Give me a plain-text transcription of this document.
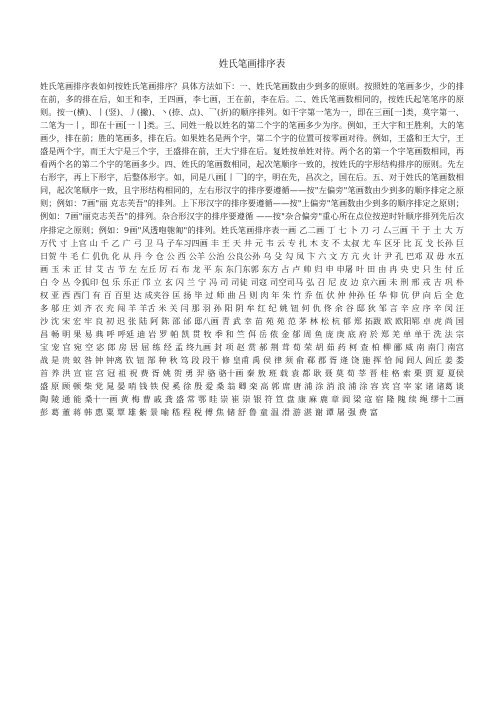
姓氏笔画排序表

姓氏笔画排序表如何按姓氏笔画排序？具体方法如下：一、姓氏笔画数由少到多的原则。按照姓的笔画多少，少的排在前，多的排在后，如王和李，王四画，李七画，王在前，李在后。二、姓氏笔画数相同的，按姓氏起笔笔序的原则。按一(横)、丨(竖)、丿(撇)、丶(捺、点)、乛(折)的顺序排列。如干字第一笔为一，即在三画[一]类，莫字第一、二笔为一丨，即在十画[一丨]类。三、同姓一般以姓名的第二个字的笔画多少为序。例如，王大宇和王胜利，大的笔画少，排在前；胜的笔画多，排在后。如果姓名是两个字，第二个字的位置可按零画对待。例如，王盛和王大宁，王盛是两个字，而王大宁是三个字，王盛排在前，王大宁排在后。复姓按单姓对待。两个名的第一个字笔画数相同，再看两个名的第二个字的笔画多少。四、姓氏的笔画数相同，起次笔顺序一致的，按姓氏的字形结构排序的原则。先左右形字，再上下形字，后整体形字。如，同是八画[丨乛]的字，明在先，昌次之，国在后。五、对于姓氏的笔画数相同，起次笔顺序一致，且字形结构相同的，左右形汉字的排序要遵循——按"左偏旁"笔画数由少到多的顺序排定之原则；例如：7画"丽 克志芙吾"的排列。上下形汉字的排序要遵循——按"上偏旁"笔画数由少到多的顺序排定之原则；例如：7画"丽克志芙吾"的排列。杂合形汉字的排序要遵循 ——按"杂合偏旁"重心所在点位按逆时针顺序排列先后次序排定之原则；例如：9画"风透咆匏匍"的排列。姓氏笔画排序表一画 乙二画 丁 七 卜 刀 刁 厶三画 干 于 土 大 万 万代 寸 上官 山 千 乙 广 弓 卫 马 子车习四画 丰 王 天 井 元 韦 云 专 扎 木 支 不 太叔 尤 车 区牙 比 瓦 戈 长孙 巨 日贺 牛 毛 仁 仉仇 化 从 丹 今 仓 公 西 公羊 公治 公良公孙 乌 殳 勾 凤 卞 六 文 方 亢 火 计 尹 孔 巴邓 双 毋 水五画 玉 未 正 甘 艾 古 节 左 左丘 厉 石 布 龙 平 东 东门东郭 东方 占 卢 帅 归 申 申屠 叶 田 由 冉 央 史 只 生 付 丘 白 令 丛 令狐印 包 乐 乐正 邝 立 玄 闪 兰 宁 冯 司 司徒 司寇 司空司马 弘 召 尼 皮 边 京六画 未 刑 邢 戎 吉 巩 朴 权 亚 西 西门 有 百 百里 达 成夹谷 匡 扬 毕 过 师 曲 吕 则 肉 年 朱 竹 乔 伍 伏 仲 仲孙 任 华 仰 伉 伊 向 后 全 危 多 邬 庄 刘 齐 衣 充 闯 羊 羊舌 米 关 闫 那 羽 孙 阳 阴 牟 红 纪 姚 钮 何 仇 佟 余 谷 邸 狄 邹 言 辛 应 序 辛 闵 汪 沙 沈 宋 宏 牢 良 初 迟 张 陆 阿 陈 邵 邰 邸八画 青 武 幸 苗 苑 苑 范 茅 林 松 杭 郁 郑 拓跋 欧 欧阳郓 卓 虎 尚 国 昌 畅 明 果 易 典 呼 呼延 迪 岩 罗 帕 凯 贯 牧 季 和 竺 佴 岳 侬 金 郁 周 鱼 庞 庚 底 府 於 郑 羌 单 单于 洗 法 宗 宝 宠 官 宛 空 宓 郎 房 居 屈 练 经 孟 终九画 封 项 赵 赏 郝 荆 茸 荀 荣 胡 茹 药 柯 查 柏 柳 郦 威 南 南门 南宫 战 是 贵 蚁 咎 钟 钟离 钦 钮 郜 种 秋 笃 段 段干 修 皇甫 禹 侯 律 须 俞 郗 郡 胥 逄 饶 施 挥 恰 闻 闾人 闾丘 姜 娄 首 养 洪 宣 宦 宫 冠 祖 祝 费 胥 姚 贺 勇 羿 骆 骆十画 秦 敖 班 载 袁 都 耿 聂 莫 荀 莘 晋 桂 格 索 栗 贾 夏 夏侯 盛 原 顾 顿 柴 党 晁 晏 哨 钱 铁 倪 奚 徐 殷 爱 桑 翁 卿 栾 高 郭 席 唐 浦 涂 消 浪 浦 涂 容 宾 宫 宰 家 诸 诸葛 谈 陶 陵 通 能 桑十一画 黄 梅 曹 戚 龚 盛 常 鄂 眭 崇 崔 崇 银 符 笪 盘 康 麻 鹿 章 阎 梁 寇 宿 隆 隗 续 绳 缪十二画 彭 葛 董 蒋 韩 惠 粟 覃 雄 紫 景 喻 嵇 程 税 傅 焦 储 舒 鲁 童 温 滑 游 湛 谢 谭 屠 强 费 富
